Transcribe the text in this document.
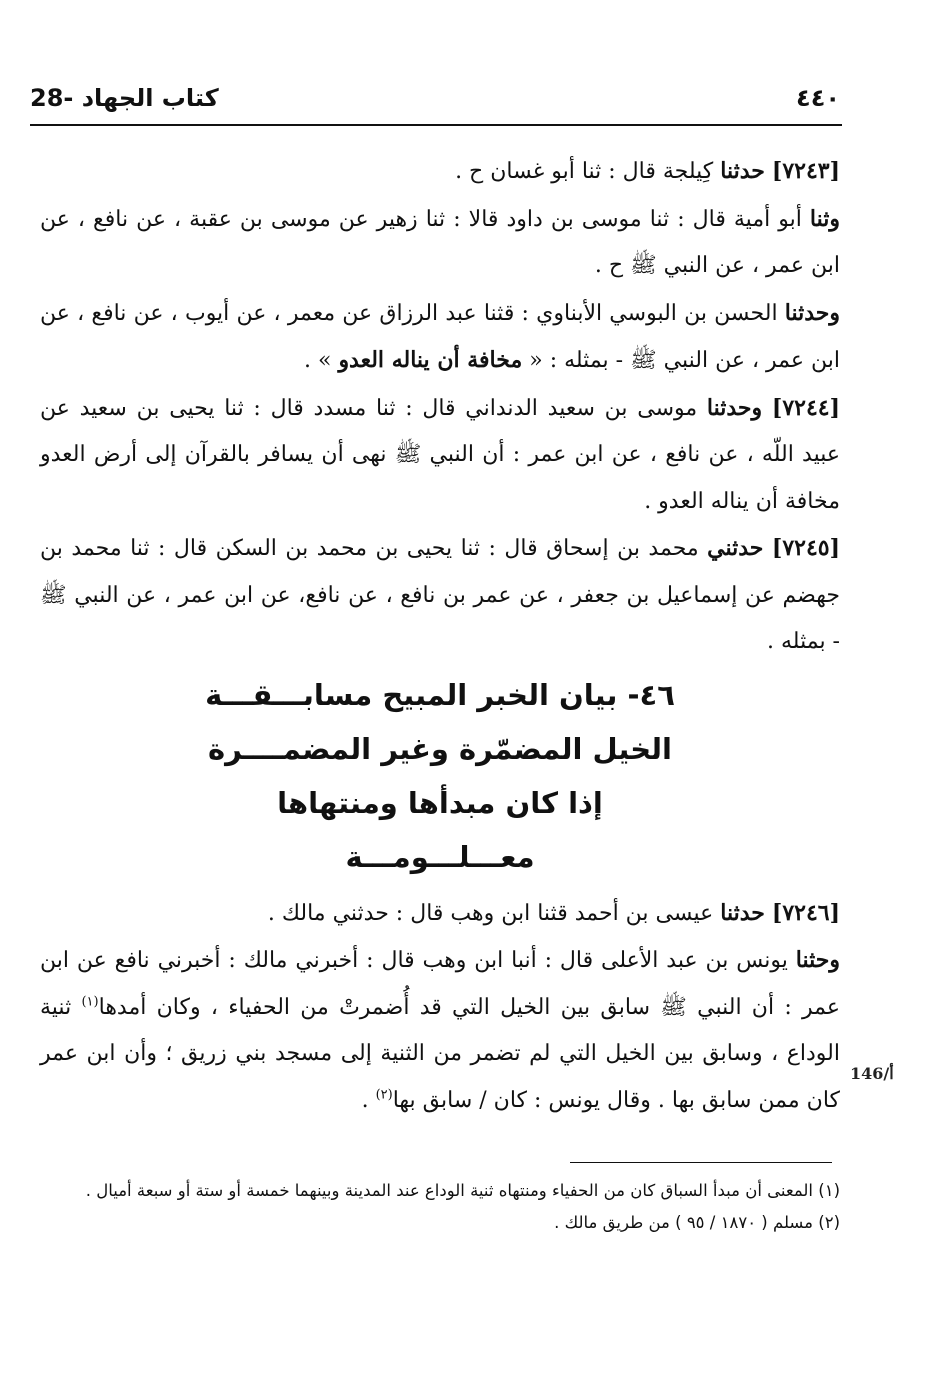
28- كتاب الجهاد	٤٤٠

[٧٢٤٣] حدثنا كِيلجة قال : ثنا أبو غسان ح .

وثنا أبو أمية قال : ثنا موسى بن داود قالا : ثنا زهير عن موسى بن عقبة ، عن نافع ، عن ابن عمر ، عن النبي ﷺ ح .

وحدثنا الحسن بن البوسي الأبناوي : قثنا عبد الرزاق عن معمر ، عن أيوب ، عن نافع ، عن ابن عمر ، عن النبي ﷺ - بمثله : « مخافة أن يناله العدو » .

[٧٢٤٤] وحدثنا موسى بن سعيد الدنداني قال : ثنا مسدد قال : ثنا يحيى بن سعيد عن عبيد اللّه ، عن نافع ، عن ابن عمر : أن النبي ﷺ نهى أن يسافر بالقرآن إلى أرض العدو مخافة أن يناله العدو .

[٧٢٤٥] حدثني محمد بن إسحاق قال : ثنا يحيى بن محمد بن السكن قال : ثنا محمد بن جهضم عن إسماعيل بن جعفر ، عن عمر بن نافع ، عن نافع، عن ابن عمر ، عن النبي ﷺ - بمثله .

٤٦- بيان الخبر المبيح مسابـــقـــة
الخيل المضمّرة وغير المضمــــرة
إذا كان مبدأها ومنتهاها
معـــلـــومـــة

[٧٢٤٦] حدثنا عيسى بن أحمد قثنا ابن وهب قال : حدثني مالك .

وحثنا يونس بن عبد الأعلى قال : أنبا ابن وهب قال : أخبرني مالك : أخبرني نافع عن ابن عمر : أن النبي ﷺ سابق بين الخيل التي قد أُضمرتْ من الحفياء ، وكان أمدها$^{(١)}$ ثنية الوداع ، وسابق بين الخيل التي لم تضمر من الثنية إلى مسجد بني زريق ؛ وأن ابن عمر كان ممن سابق بها . وقال يونس : كان / سابق بها$^{(٢)}$ .

146/أ

(١) المعنى أن مبدأ السباق كان من الحفياء ومنتهاه ثنية الوداع عند المدينة وبينهما خمسة أو ستة أو سبعة أميال .

(٢) مسلم ( ١٨٧٠ / ٩٥ ) من طريق مالك .
